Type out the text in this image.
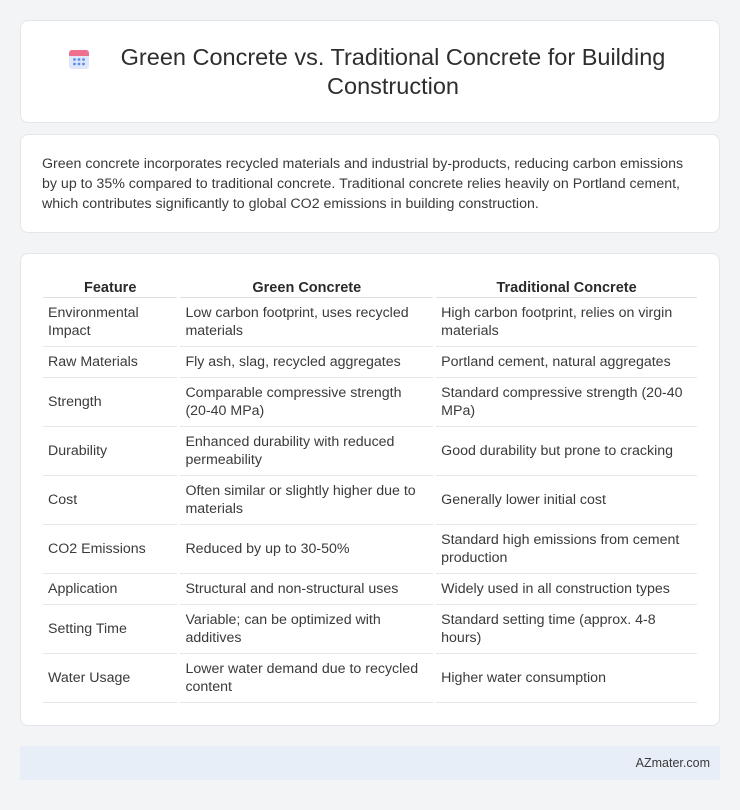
Green Concrete vs. Traditional Concrete for Building Construction

Green concrete incorporates recycled materials and industrial by-products, reducing carbon emissions by up to 35% compared to traditional concrete. Traditional concrete relies heavily on Portland cement, which contributes significantly to global CO2 emissions in building construction.

Feature	Green Concrete	Traditional Concrete
Environmental Impact	Low carbon footprint, uses recycled materials	High carbon footprint, relies on virgin materials
Raw Materials	Fly ash, slag, recycled aggregates	Portland cement, natural aggregates
Strength	Comparable compressive strength (20-40 MPa)	Standard compressive strength (20-40 MPa)
Durability	Enhanced durability with reduced permeability	Good durability but prone to cracking
Cost	Often similar or slightly higher due to materials	Generally lower initial cost
CO2 Emissions	Reduced by up to 30-50%	Standard high emissions from cement production
Application	Structural and non-structural uses	Widely used in all construction types
Setting Time	Variable; can be optimized with additives	Standard setting time (approx. 4-8 hours)
Water Usage	Lower water demand due to recycled content	Higher water consumption
AZmater.com
